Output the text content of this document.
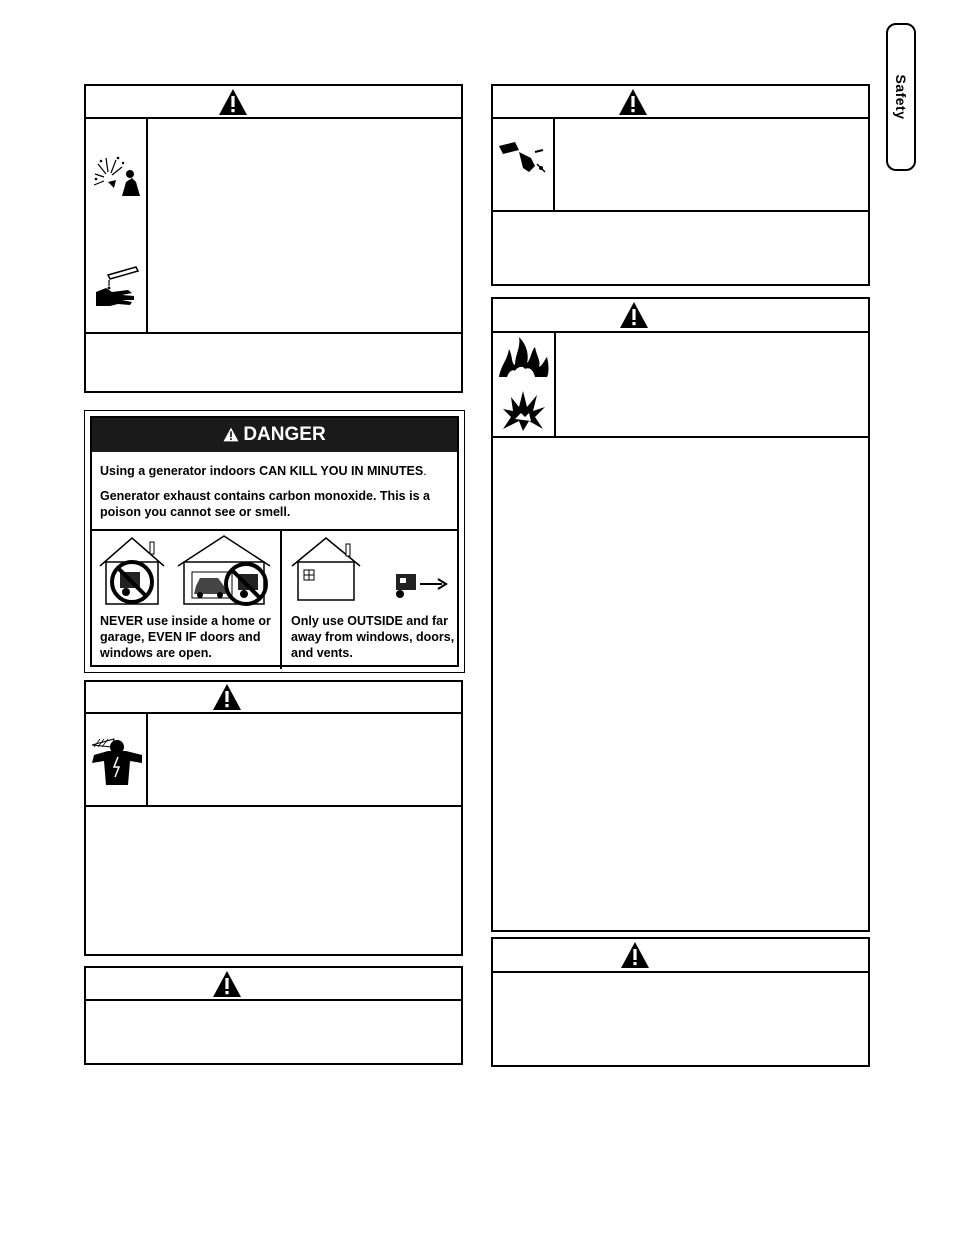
Safety
DANGER
Using a generator indoors CAN KILL YOU IN MINUTES.
Generator exhaust contains carbon monoxide. This is a poison you cannot see or smell.
NEVER use inside a home or garage, EVEN IF doors and windows are open.
Only use OUTSIDE and far away from windows, doors, and vents.
